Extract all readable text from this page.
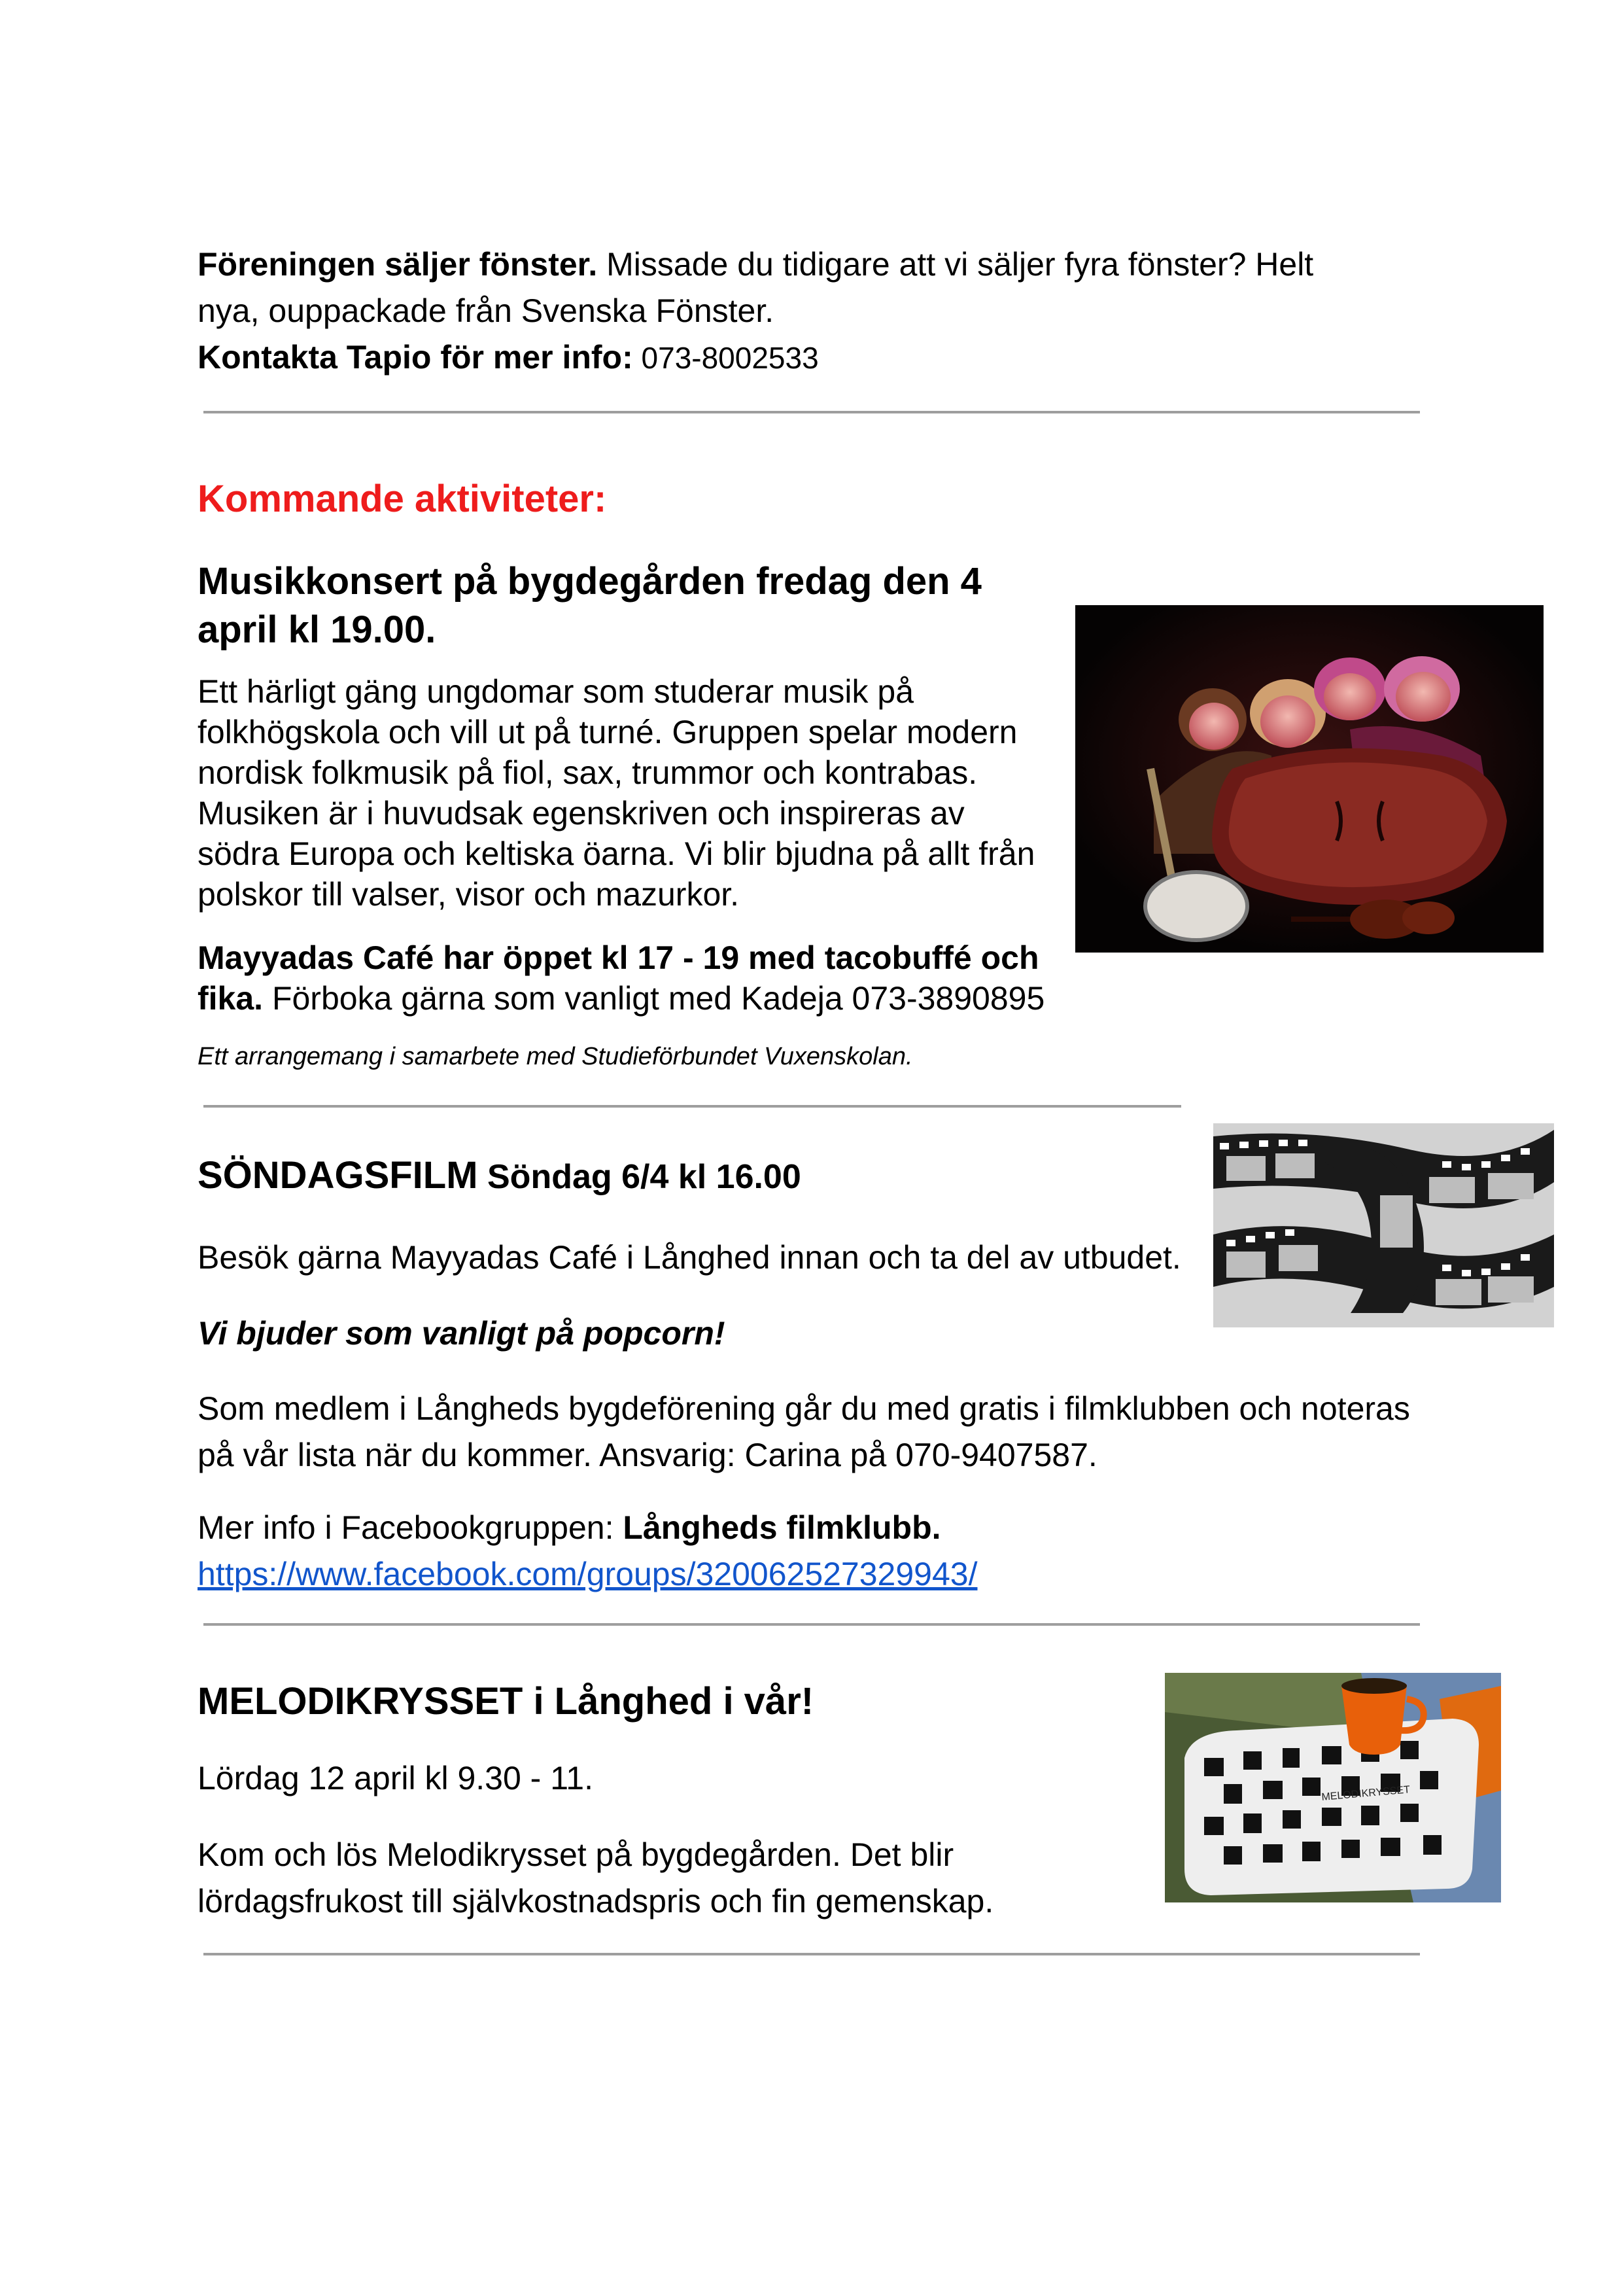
Föreningen säljer fönster. Missade du tidigare att vi säljer fyra fönster? Helt

nya, ouppackade från Svenska Fönster.

Kontakta Tapio för mer info: 073-8002533

Kommande aktiviteter:

Musikkonsert på bygdegården fredag den 4

april kl 19.00.

Ett härligt gäng ungdomar som studerar musik på

folkhögskola och vill ut på turné. Gruppen spelar modern

nordisk folkmusik på fiol, sax, trummor och kontrabas.

Musiken är i huvudsak egenskriven och inspireras av

södra Europa och keltiska öarna. Vi blir bjudna på allt från

polskor till valser, visor och mazurkor.

Mayyadas Café har öppet kl 17 - 19 med tacobuffé och

fika. Förboka gärna som vanligt med Kadeja 073-3890895

Ett arrangemang i samarbete med Studieförbundet Vuxenskolan.

SÖNDAGSFILM Söndag 6/4 kl 16.00

Besök gärna Mayyadas Café i Långhed innan och ta del av utbudet.

Vi bjuder som vanligt på popcorn!

Som medlem i Långheds bygdeförening går du med gratis i filmklubben och noteras

på vår lista när du kommer. Ansvarig: Carina på 070-9407587.

Mer info i Facebookgruppen: Långheds filmklubb.

https://www.facebook.com/groups/320062527329943/

MELODIKRYSSET i Långhed i vår!

Lördag 12 april kl 9.30 - 11.

Kom och lös Melodikrysset på bygdegården. Det blir

lördagsfrukost till självkostnadspris och fin gemenskap.

MELODIKRYSSET
